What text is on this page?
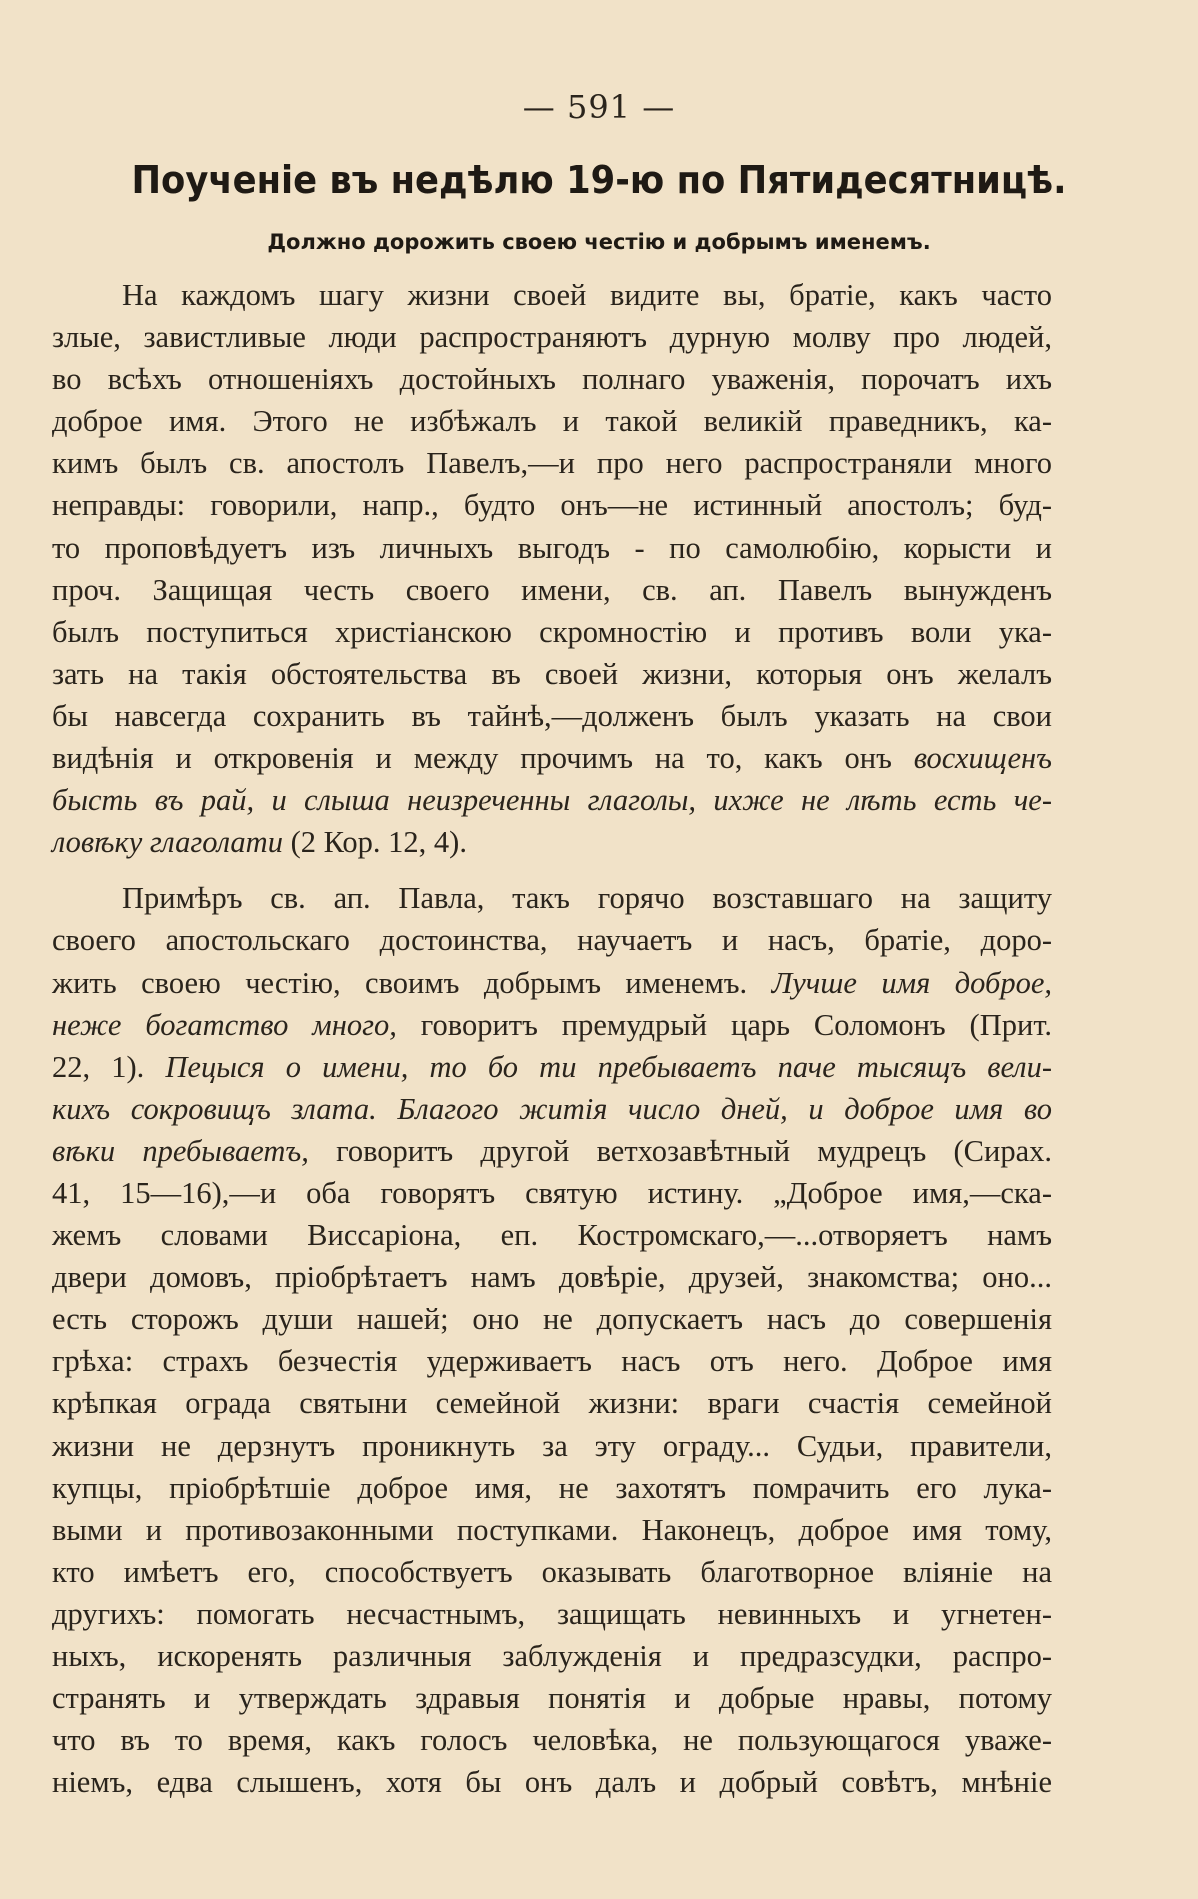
— 591 —
Поученіе въ недѣлю 19-ю по Пятидесятницѣ.
Должно дорожить своею честію и добрымъ именемъ.
На каждомъ шагу жизни своей видите вы, братіе, какъ часто
злые, завистливые люди распространяютъ дурную молву про людей,
во всѣхъ отношеніяхъ достойныхъ полнаго уваженія, порочатъ ихъ
доброе имя. Этого не избѣжалъ и такой великій праведникъ, ка-
кимъ былъ св. апостолъ Павелъ,—и про него распространяли много
неправды: говорили, напр., будто онъ—не истинный апостолъ; буд-
то проповѣдуетъ изъ личныхъ выгодъ - по самолюбію, корысти и
проч. Защищая честь своего имени, св. ап. Павелъ вынужденъ
былъ поступиться христіанскою скромностію и противъ воли ука-
зать на такія обстоятельства въ своей жизни, которыя онъ желалъ
бы навсегда сохранить въ тайнѣ,—долженъ былъ указать на свои
видѣнія и откровенія и между прочимъ на то, какъ онъ восхищенъ
бысть въ рай, и слыша неизреченны глаголы, ихже не лѣть есть че-
ловѣку глаголати (2 Кор. 12, 4).
Примѣръ св. ап. Павла, такъ горячо возставшаго на защиту
своего апостольскаго достоинства, научаетъ и насъ, братіе, доро-
жить своею честію, своимъ добрымъ именемъ. Лучше имя доброе,
неже богатство много, говоритъ премудрый царь Соломонъ (Прит.
22, 1). Пецыся о имени, то бо ти пребываетъ паче тысящъ вели-
кихъ сокровищъ злата. Благого житія число дней, и доброе имя во
вѣки пребываетъ, говоритъ другой ветхозавѣтный мудрецъ (Сирах.
41, 15—16),—и оба говорятъ святую истину. „Доброе имя,—ска-
жемъ словами Виссаріона, еп. Костромскаго,—...отворяетъ намъ
двери домовъ, пріобрѣтаетъ намъ довѣріе, друзей, знакомства; оно...
есть сторожъ души нашей; оно не допускаетъ насъ до совершенія
грѣха: страхъ безчестія удерживаетъ насъ отъ него. Доброе имя
крѣпкая ограда святыни семейной жизни: враги счастія семейной
жизни не дерзнутъ проникнуть за эту ограду... Судьи, правители,
купцы, пріобрѣтшіе доброе имя, не захотятъ помрачить его лука-
выми и противозаконными поступками. Наконецъ, доброе имя тому,
кто имѣетъ его, способствуетъ оказывать благотворное вліяніе на
другихъ: помогать несчастнымъ, защищать невинныхъ и угнетен-
ныхъ, искоренять различныя заблужденія и предразсудки, распро-
странять и утверждать здравыя понятія и добрые нравы, потому
что въ то время, какъ голосъ человѣка, не пользующагося уваже-
ніемъ, едва слышенъ, хотя бы онъ далъ и добрый совѣтъ, мнѣніе
